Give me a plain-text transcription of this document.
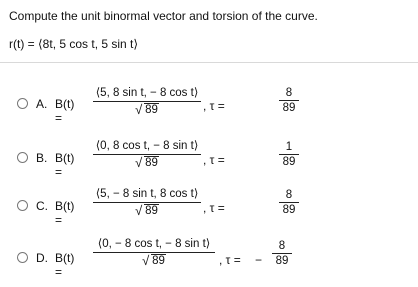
Compute the unit binormal vector and torsion of the curve.
r(t) = ⟨8t, 5 cos t, 5 sin t⟩
A. B(t) =
⟨5, 8 sin t, − 8 cos t⟩
√ 89	, τ =
8
89
B. B(t) =
⟨0, 8 cos t, − 8 sin t⟩
√ 89	, τ =
1
89
C. B(t) =
⟨5, − 8 sin t, 8 cos t⟩
√ 89	, τ =
8
89
D. B(t) =
⟨0, − 8 cos t, − 8 sin t⟩
√ 89	, τ = −
8
89
